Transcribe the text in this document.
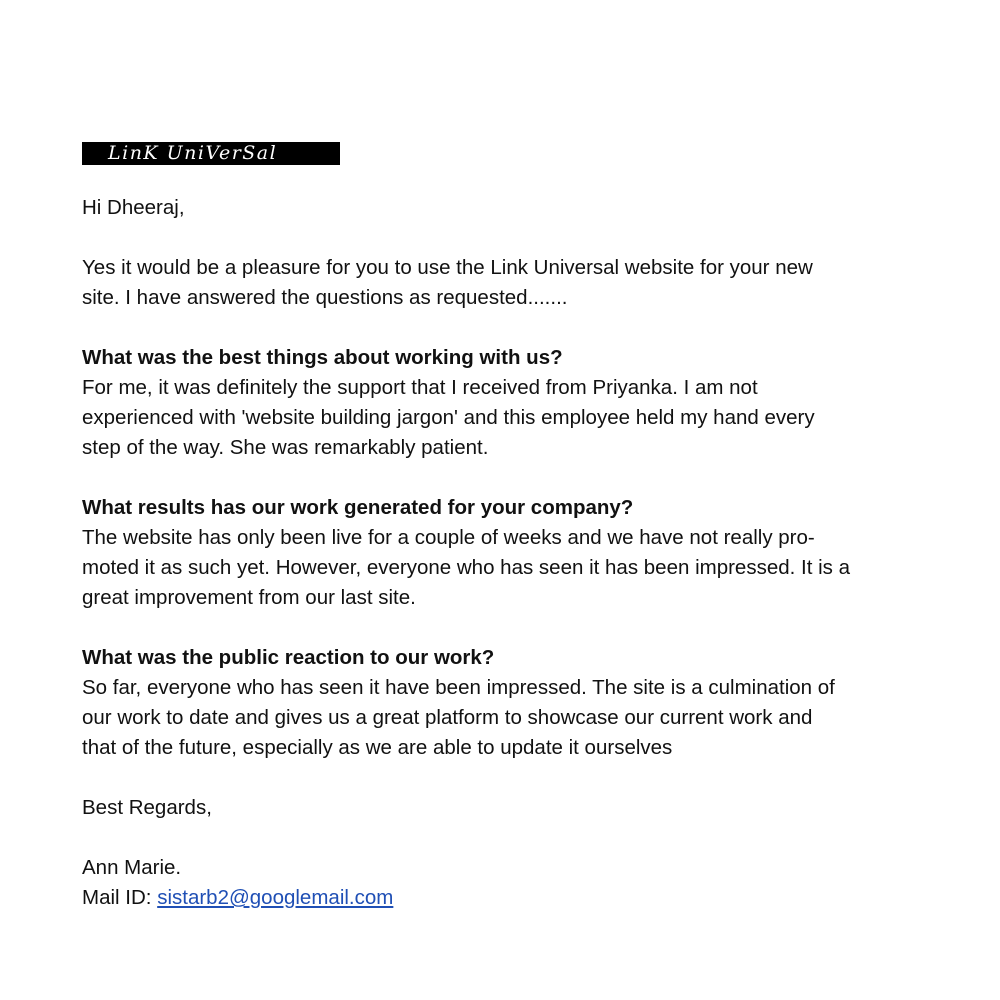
LinK UniVerSal
Hi Dheeraj,
Yes it would be a pleasure for you to use the Link Universal website for your new
site. I have answered the questions as requested.......
What was the best things about working with us?
For me, it was definitely the support that I received from Priyanka. I am not
experienced with 'website building jargon' and this employee held my hand every
step of the way. She was remarkably patient.
What results has our work generated for your company?
The website has only been live for a couple of weeks and we have not really pro-
moted it as such yet. However, everyone who has seen it has been impressed. It is a
great improvement from our last site.
What was the public reaction to our work?
So far, everyone who has seen it have been impressed. The site is a culmination of
our work to date and gives us a great platform to showcase our current work and
that of the future, especially as we are able to update it ourselves
Best Regards,
Ann Marie.
Mail ID: sistarb2@googlemail.com
